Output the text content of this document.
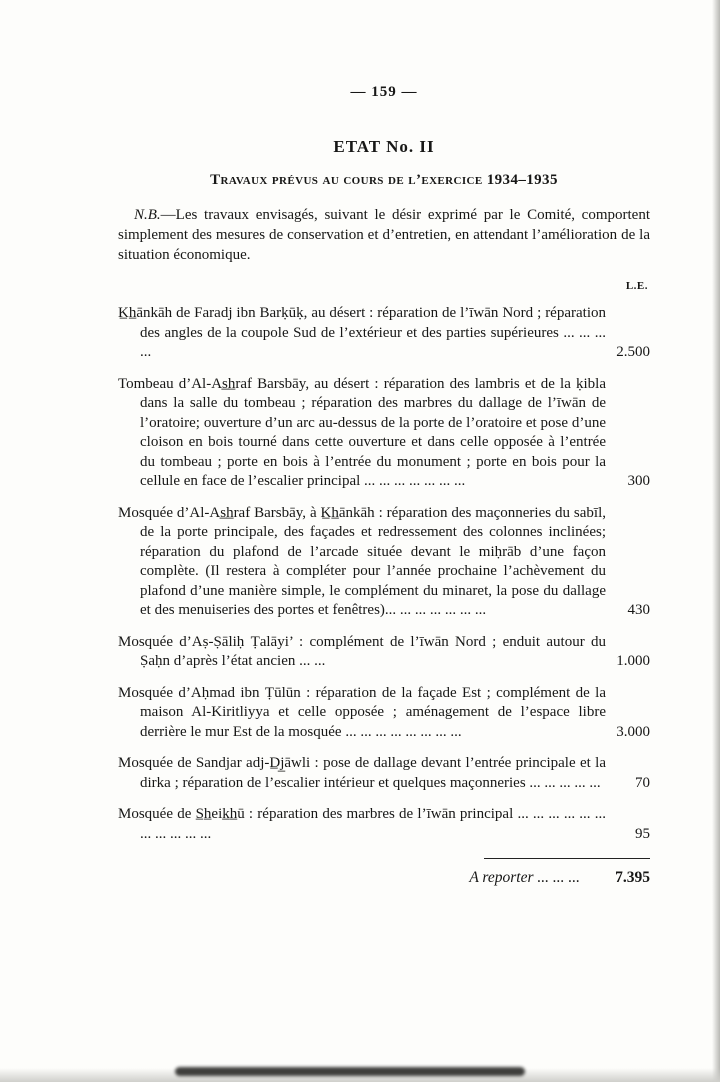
— 159 —
ETAT No. II
Travaux prévus au cours de l’exercice 1934–1935

N.B.—Les travaux envisagés, suivant le désir exprimé par le Comité, comportent simplement des mesures de conservation et d’entretien, en attendant l’amélioration de la situation économique.

L.E.
K̲h̲ānkāh de Faradj ibn Barḳūḳ, au désert : réparation de l’īwān Nord ; réparation des angles de la coupole Sud de l’extérieur et des parties supérieures ... ... ... ...	2.500
Tombeau d’Al-As̲h̲raf Barsbāy, au désert : réparation des lambris et de la ḳibla dans la salle du tombeau ; réparation des marbres du dallage de l’īwān de l’oratoire; ouverture d’un arc au-dessus de la porte de l’oratoire et pose d’une cloison en bois tourné dans cette ouverture et dans celle opposée à l’entrée du tombeau ; porte en bois à l’entrée du monument ; porte en bois pour la cellule en face de l’escalier principal ... ... ... ... ... ... ...	300
Mosquée d’Al-As̲h̲raf Barsbāy, à K̲h̲ānkāh : réparation des maçonneries du sabīl, de la porte principale, des façades et redressement des colonnes inclinées; réparation du plafond de l’arcade située devant le miḥrāb d’une façon complète. (Il restera à compléter pour l’année prochaine l’achèvement du plafond d’une manière simple, le complément du minaret, la pose du dallage et des menuiseries des portes et fenêtres)... ... ... ... ... ... ...	430
Mosquée d’Aṣ-Ṣāliḥ Ṭalāyi’ : complément de l’īwān Nord ; enduit autour du Ṣaḥn d’après l’état ancien ... ...	1.000
Mosquée d’Aḥmad ibn Ṭūlūn : réparation de la façade Est ; complément de la maison Al-Kiritliyya et celle opposée ; aménagement de l’espace libre derrière le mur Est de la mosquée ... ... ... ... ... ... ... ...	3.000
Mosquée de Sandjar adj-D̲j̲āwli : pose de dallage devant l’entrée principale et la dirka ; réparation de l’escalier intérieur et quelques maçonneries ... ... ... ... ...	70
Mosquée de S̲h̲eik̲h̲ū : réparation des marbres de l’īwān principal ... ... ... ... ... ... ... ... ... ... ...	95
A reporter ... ... ...	7.395
